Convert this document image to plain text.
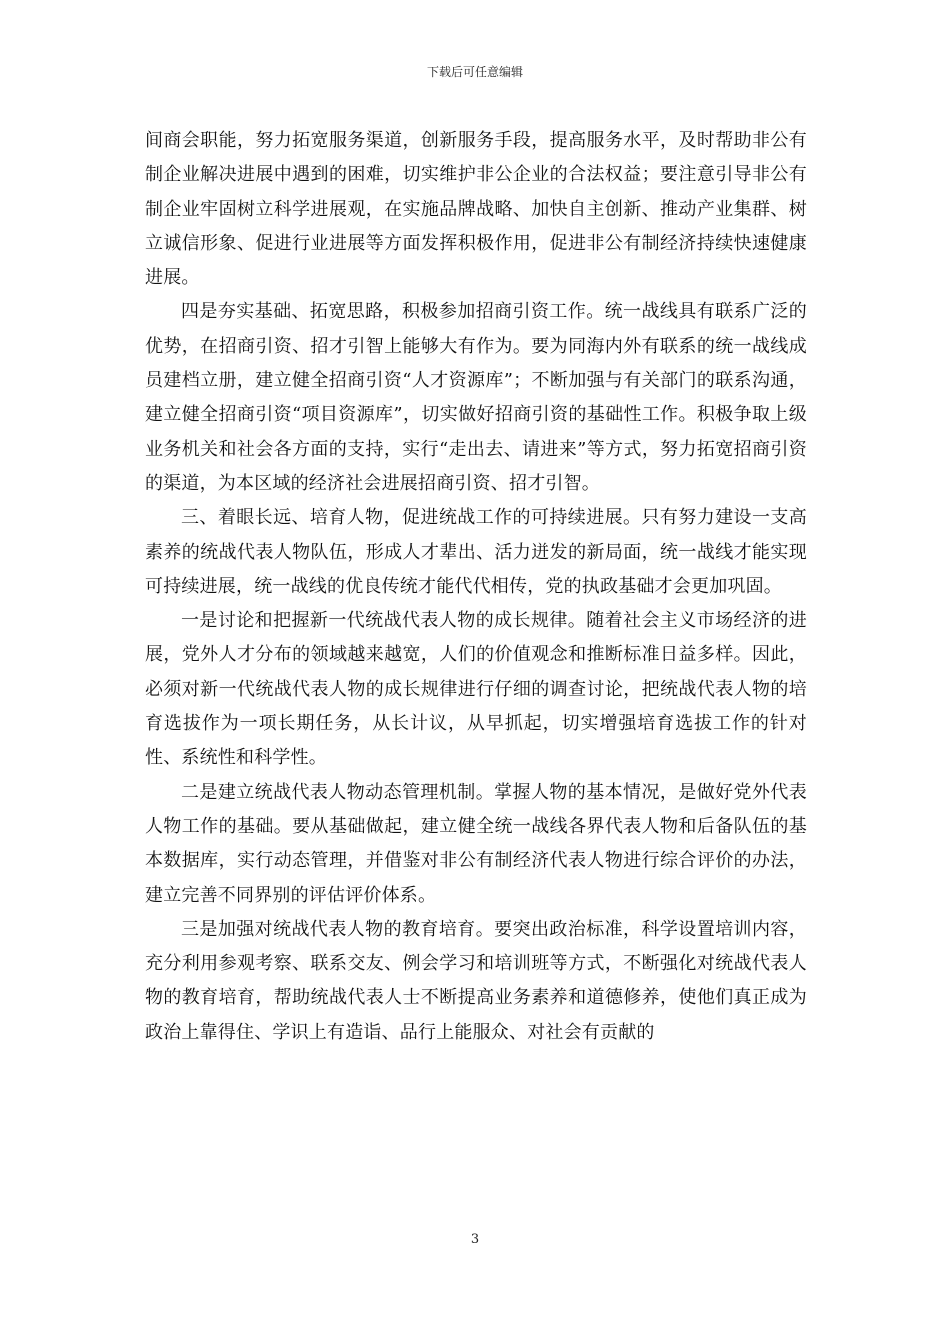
下载后可任意编辑

间商会职能，努力拓宽服务渠道，创新服务手段，提高服务水平，及时帮助非公有制企业解决进展中遇到的困难，切实维护非公企业的合法权益；要注意引导非公有制企业牢固树立科学进展观，在实施品牌战略、加快自主创新、推动产业集群、树立诚信形象、促进行业进展等方面发挥积极作用，促进非公有制经济持续快速健康进展。

四是夯实基础、拓宽思路，积极参加招商引资工作。统一战线具有联系广泛的优势，在招商引资、招才引智上能够大有作为。要为同海内外有联系的统一战线成员建档立册，建立健全招商引资“人才资源库”；不断加强与有关部门的联系沟通，建立健全招商引资“项目资源库”，切实做好招商引资的基础性工作。积极争取上级业务机关和社会各方面的支持，实行“走出去、请进来”等方式，努力拓宽招商引资的渠道，为本区域的经济社会进展招商引资、招才引智。

三、着眼长远、培育人物，促进统战工作的可持续进展。只有努力建设一支高素养的统战代表人物队伍，形成人才辈出、活力迸发的新局面，统一战线才能实现可持续进展，统一战线的优良传统才能代代相传，党的执政基础才会更加巩固。

一是讨论和把握新一代统战代表人物的成长规律。随着社会主义市场经济的进展，党外人才分布的领域越来越宽，人们的价值观念和推断标准日益多样。因此，必须对新一代统战代表人物的成长规律进行仔细的调查讨论，把统战代表人物的培育选拔作为一项长期任务，从长计议，从早抓起，切实增强培育选拔工作的针对性、系统性和科学性。

二是建立统战代表人物动态管理机制。掌握人物的基本情况，是做好党外代表人物工作的基础。要从基础做起，建立健全统一战线各界代表人物和后备队伍的基本数据库，实行动态管理，并借鉴对非公有制经济代表人物进行综合评价的办法，建立完善不同界别的评估评价体系。

三是加强对统战代表人物的教育培育。要突出政治标准，科学设置培训内容，充分利用参观考察、联系交友、例会学习和培训班等方式，不断强化对统战代表人物的教育培育，帮助统战代表人士不断提高业务素养和道德修养，使他们真正成为政治上靠得住、学识上有造诣、品行上能服众、对社会有贡献的

3
